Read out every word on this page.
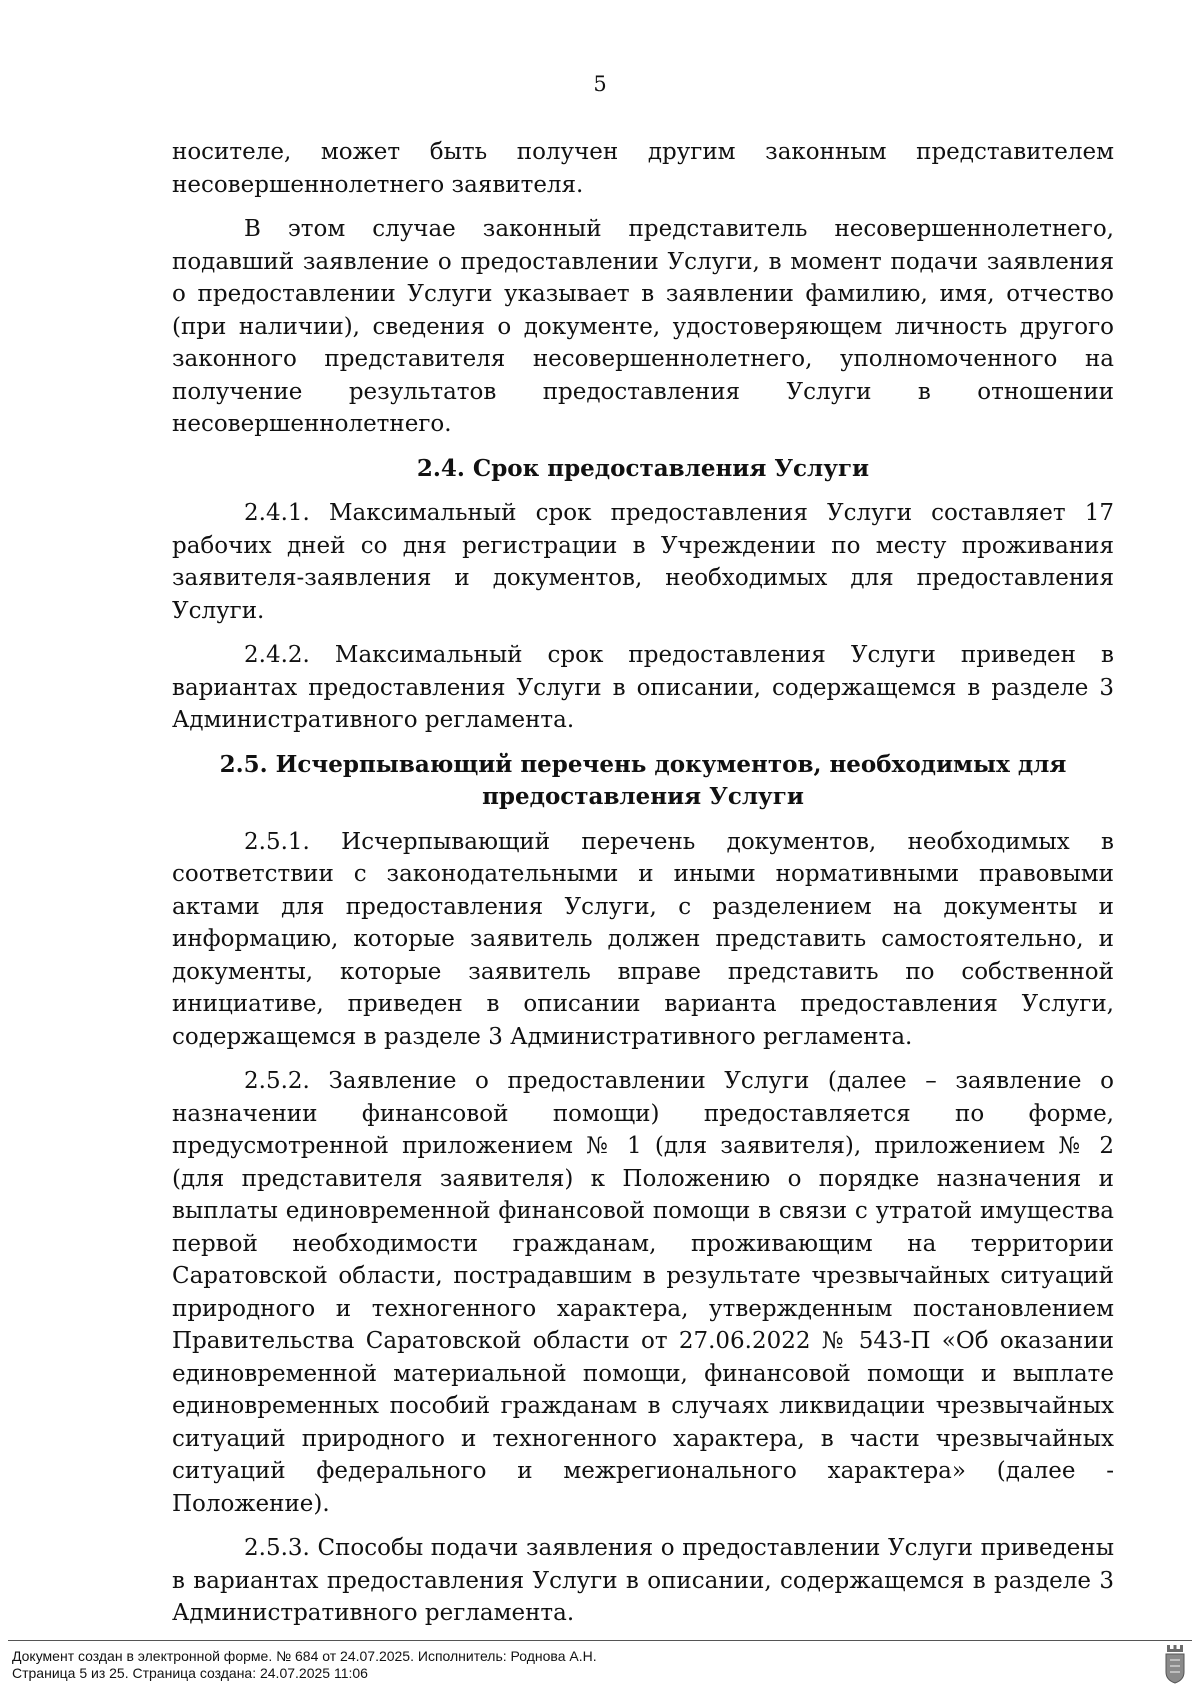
5

носителе, может быть получен другим законным представителем несовершеннолетнего заявителя.

В этом случае законный представитель несовершеннолетнего, подавший заявление о предоставлении Услуги, в момент подачи заявления о предоставлении Услуги указывает в заявлении фамилию, имя, отчество (при наличии), сведения о документе, удостоверяющем личность другого законного представителя несовершеннолетнего, уполномоченного на получение результатов предоставления Услуги в отношении несовершеннолетнего.

2.4. Срок предоставления Услуги

2.4.1. Максимальный срок предоставления Услуги составляет 17 рабочих дней со дня регистрации в Учреждении по месту проживания заявителя-заявления и документов, необходимых для предоставления Услуги.

2.4.2. Максимальный срок предоставления Услуги приведен в вариантах предоставления Услуги в описании, содержащемся в разделе 3 Административного регламента.

2.5. Исчерпывающий перечень документов, необходимых для
предоставления Услуги

2.5.1. Исчерпывающий перечень документов, необходимых в соответствии с законодательными и иными нормативными правовыми актами для предоставления Услуги, с разделением на документы и информацию, которые заявитель должен представить самостоятельно, и документы, которые заявитель вправе представить по собственной инициативе, приведен в описании варианта предоставления Услуги, содержащемся в разделе 3 Административного регламента.

2.5.2. Заявление о предоставлении Услуги (далее – заявление о назначении финансовой помощи) предоставляется по форме, предусмотренной приложением № 1 (для заявителя), приложением № 2 (для представителя заявителя) к Положению о порядке назначения и выплаты единовременной финансовой помощи в связи с утратой имущества первой необходимости гражданам, проживающим на территории Саратовской области, пострадавшим в результате чрезвычайных ситуаций природного и техногенного характера, утвержденным постановлением Правительства Саратовской области от 27.06.2022 № 543-П «Об оказании единовременной материальной помощи, финансовой помощи и выплате единовременных пособий гражданам в случаях ликвидации чрезвычайных ситуаций природного и техногенного характера, в части чрезвычайных ситуаций федерального и межрегионального характера» (далее - Положение).

2.5.3. Способы подачи заявления о предоставлении Услуги приведены в вариантах предоставления Услуги в описании, содержащемся в разделе 3 Административного регламента.

Документ создан в электронной форме. № 684 от 24.07.2025. Исполнитель: Роднова А.Н.
Страница 5 из 25. Страница создана: 24.07.2025 11:06
